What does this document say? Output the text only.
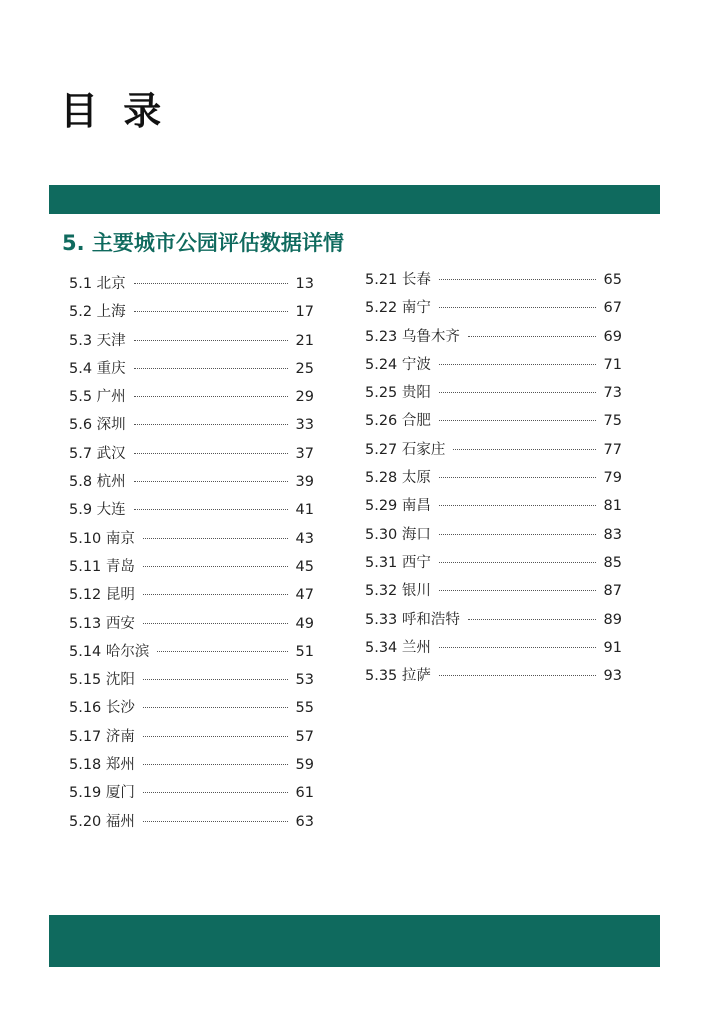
目 录
5. 主要城市公园评估数据详情
5.1 北京	13
5.2 上海	17
5.3 天津	21
5.4 重庆	25
5.5 广州	29
5.6 深圳	33
5.7 武汉	37
5.8 杭州	39
5.9 大连	41
5.10 南京	43
5.11 青岛	45
5.12 昆明	47
5.13 西安	49
5.14 哈尔滨	51
5.15 沈阳	53
5.16 长沙	55
5.17 济南	57
5.18 郑州	59
5.19 厦门	61
5.20 福州	63
5.21 长春	65
5.22 南宁	67
5.23 乌鲁木齐	69
5.24 宁波	71
5.25 贵阳	73
5.26 合肥	75
5.27 石家庄	77
5.28 太原	79
5.29 南昌	81
5.30 海口	83
5.31 西宁	85
5.32 银川	87
5.33 呼和浩特	89
5.34 兰州	91
5.35 拉萨	93
